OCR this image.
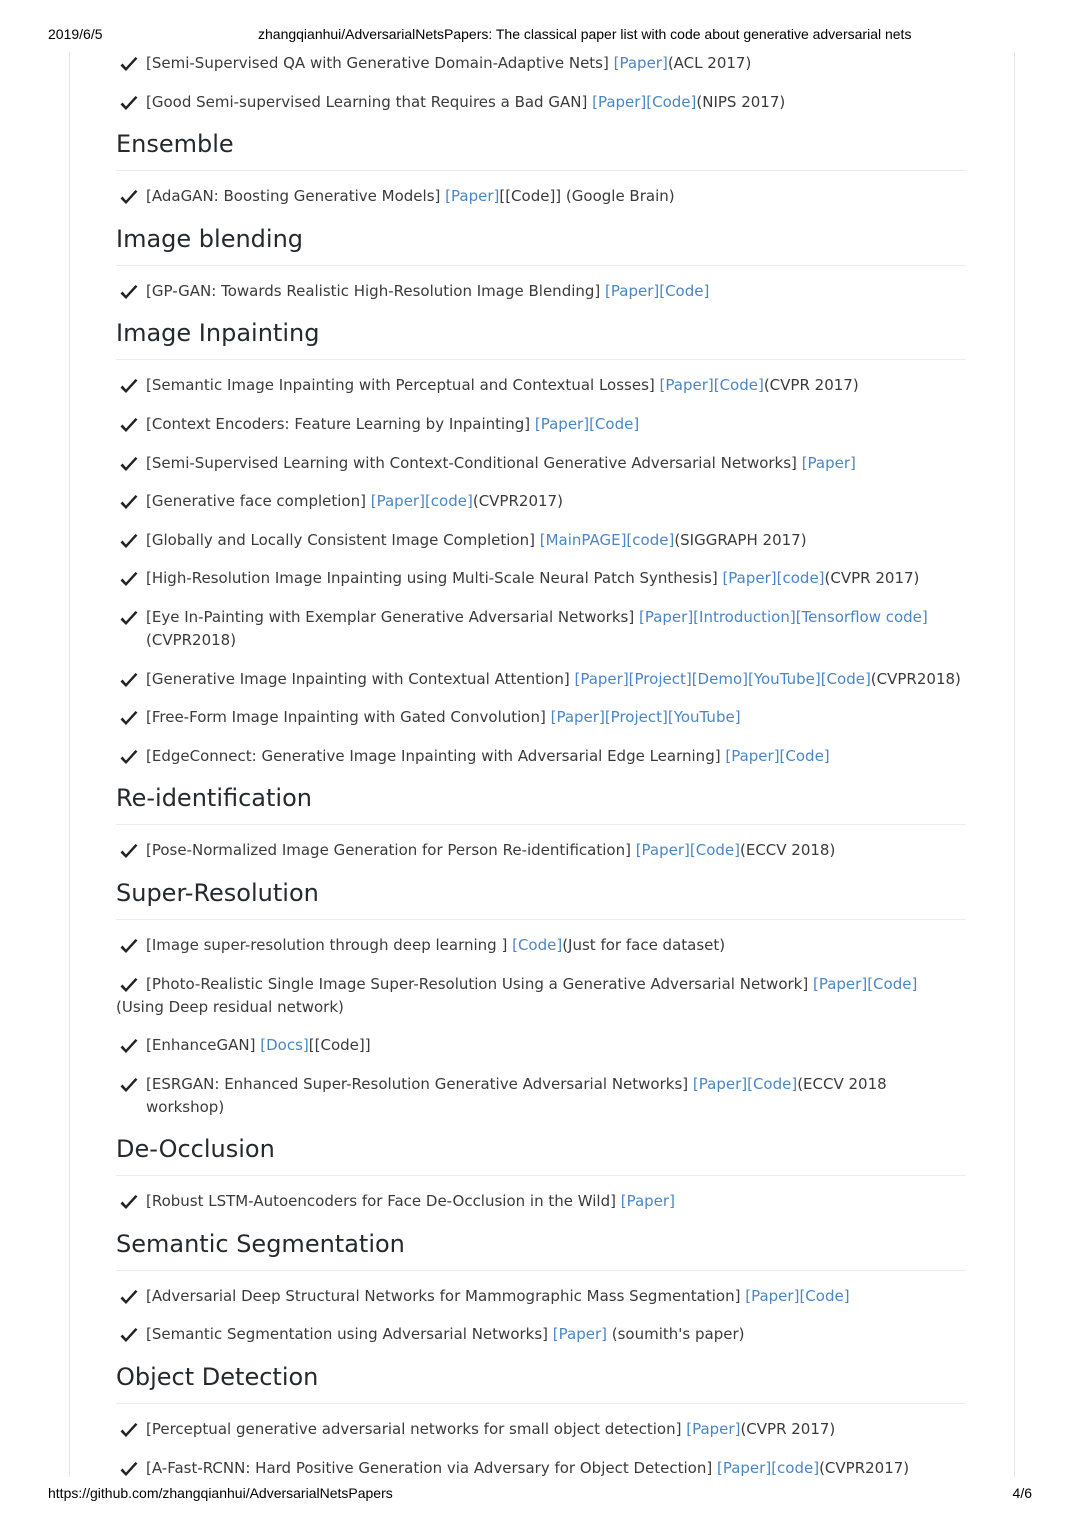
2019/6/5	zhangqianhui/AdversarialNetsPapers: The classical paper list with code about generative adversarial nets
[Semi-Supervised QA with Generative Domain-Adaptive Nets] [Paper](ACL 2017)
[Good Semi-supervised Learning that Requires a Bad GAN] [Paper][Code](NIPS 2017)
Ensemble
[AdaGAN: Boosting Generative Models] [Paper][[Code]] (Google Brain)
Image blending
[GP-GAN: Towards Realistic High-Resolution Image Blending] [Paper][Code]
Image Inpainting
[Semantic Image Inpainting with Perceptual and Contextual Losses] [Paper][Code](CVPR 2017)
[Context Encoders: Feature Learning by Inpainting] [Paper][Code]
[Semi-Supervised Learning with Context-Conditional Generative Adversarial Networks] [Paper]
[Generative face completion] [Paper][code](CVPR2017)
[Globally and Locally Consistent Image Completion] [MainPAGE][code](SIGGRAPH 2017)
[High-Resolution Image Inpainting using Multi-Scale Neural Patch Synthesis] [Paper][code](CVPR 2017)
[Eye In-Painting with Exemplar Generative Adversarial Networks] [Paper][Introduction][Tensorflow code](CVPR2018)
[Generative Image Inpainting with Contextual Attention] [Paper][Project][Demo][YouTube][Code](CVPR2018)
[Free-Form Image Inpainting with Gated Convolution] [Paper][Project][YouTube]
[EdgeConnect: Generative Image Inpainting with Adversarial Edge Learning] [Paper][Code]
Re-identification
[Pose-Normalized Image Generation for Person Re-identification] [Paper][Code](ECCV 2018)
Super-Resolution
[Image super-resolution through deep learning ] [Code](Just for face dataset)
[Photo-Realistic Single Image Super-Resolution Using a Generative Adversarial Network] [Paper][Code] (Using Deep residual network)
[EnhanceGAN] [Docs][[Code]]
[ESRGAN: Enhanced Super-Resolution Generative Adversarial Networks] [Paper][Code](ECCV 2018 workshop)
De-Occlusion
[Robust LSTM-Autoencoders for Face De-Occlusion in the Wild] [Paper]
Semantic Segmentation
[Adversarial Deep Structural Networks for Mammographic Mass Segmentation] [Paper][Code]
[Semantic Segmentation using Adversarial Networks] [Paper] (soumith's paper)
Object Detection
[Perceptual generative adversarial networks for small object detection] [Paper](CVPR 2017)
[A-Fast-RCNN: Hard Positive Generation via Adversary for Object Detection] [Paper][code](CVPR2017)
https://github.com/zhangqianhui/AdversarialNetsPapers	4/6
